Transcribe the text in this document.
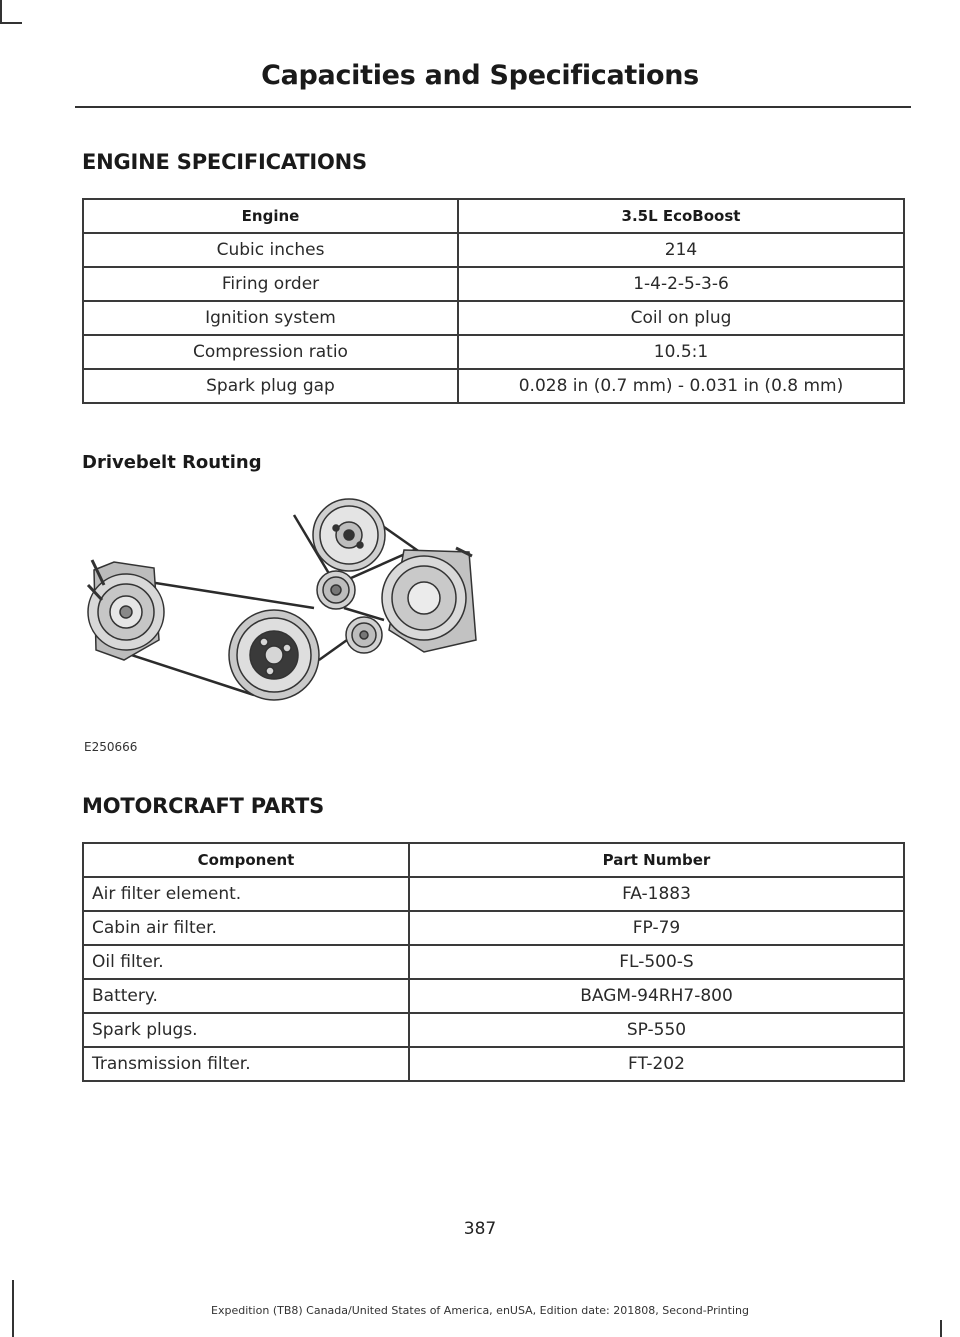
Capacities and Specifications
ENGINE SPECIFICATIONS
Engine	3.5L EcoBoost
Cubic inches	214
Firing order	1-4-2-5-3-6
Ignition system	Coil on plug
Compression ratio	10.5:1
Spark plug gap	0.028 in (0.7 mm) - 0.031 in (0.8 mm)
Drivebelt Routing
E250666
MOTORCRAFT PARTS
Component	Part Number
Air filter element.	FA-1883
Cabin air filter.	FP-79
Oil filter.	FL-500-S
Battery.	BAGM-94RH7-800
Spark plugs.	SP-550
Transmission filter.	FT-202
387
Expedition (TB8) Canada/United States of America, enUSA, Edition date: 201808, Second-Printing
